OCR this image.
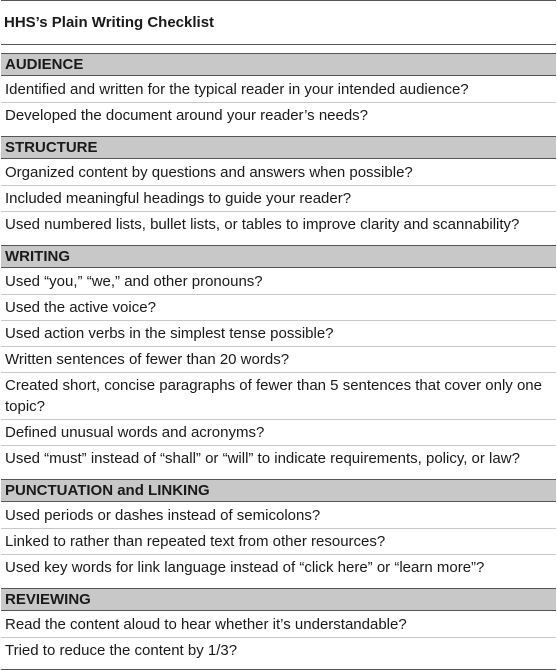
HHS’s Plain Writing Checklist
AUDIENCE
Identified and written for the typical reader in your intended audience?
Developed the document around your reader’s needs?
STRUCTURE
Organized content by questions and answers when possible?
Included meaningful headings to guide your reader?
Used numbered lists, bullet lists, or tables to improve clarity and scannability?
WRITING
Used “you,” “we,” and other pronouns?
Used the active voice?
Used action verbs in the simplest tense possible?
Written sentences of fewer than 20 words?
Created short, concise paragraphs of fewer than 5 sentences that cover only one topic?
Defined unusual words and acronyms?
Used “must” instead of “shall” or “will” to indicate requirements, policy, or law?
PUNCTUATION and LINKING
Used periods or dashes instead of semicolons?
Linked to rather than repeated text from other resources?
Used key words for link language instead of “click here” or “learn more”?
REVIEWING
Read the content aloud to hear whether it’s understandable?
Tried to reduce the content by 1/3?
